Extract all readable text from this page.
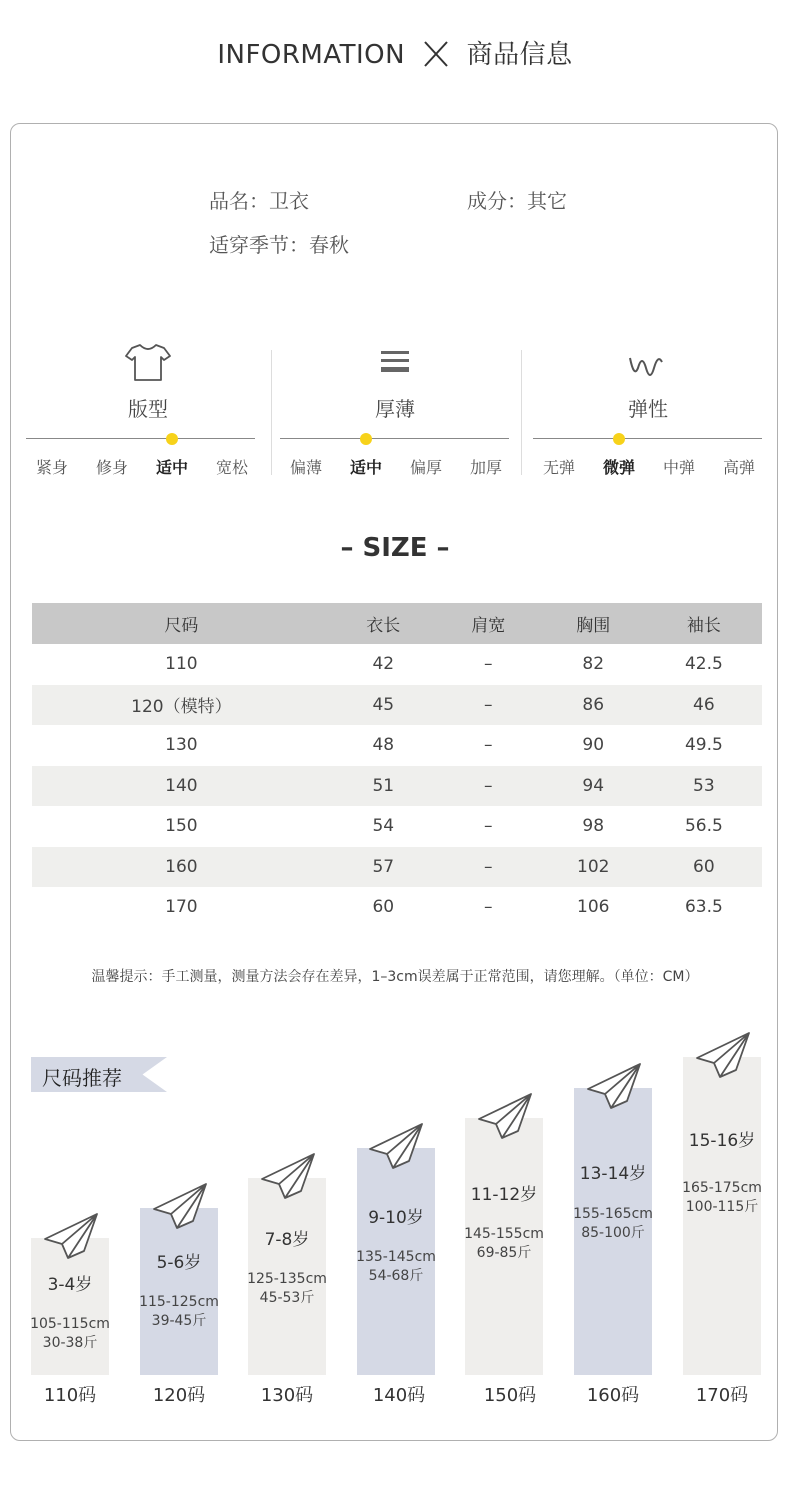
INFORMATION 商品信息
品名：卫衣	成分：其它
适穿季节：春秋
版型
紧身	修身	适中	宽松
厚薄
偏薄	适中	偏厚	加厚
弹性
无弹	微弹	中弹	高弹
– SIZE –
尺码	衣长	肩宽	胸围	袖长
110	42	–	82	42.5
120（模特）	45	–	86	46
130	48	–	90	49.5
140	51	–	94	53
150	54	–	98	56.5
160	57	–	102	60
170	60	–	106	63.5
温馨提示：手工测量，测量方法会存在差异，1–3cm误差属于正常范围，请您理解。（单位：CM）
尺码推荐
3-4岁
105-115cm
30-38斤
110码
5-6岁
115-125cm
39-45斤
120码
7-8岁
125-135cm
45-53斤
130码
9-10岁
135-145cm
54-68斤
140码
11-12岁
145-155cm
69-85斤
150码
13-14岁
155-165cm
85-100斤
160码
15-16岁
165-175cm
100-115斤
170码
